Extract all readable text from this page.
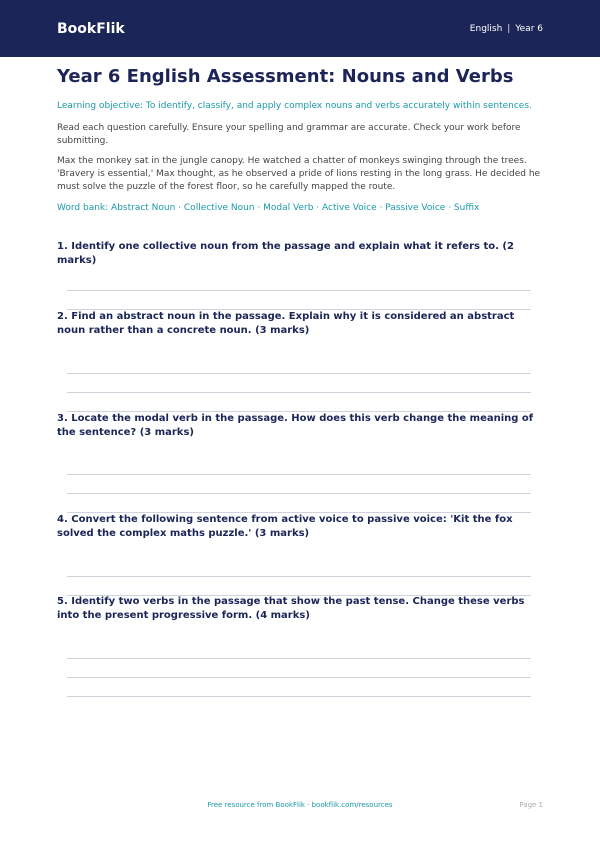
BookFlik	English | Year 6
Year 6 English Assessment: Nouns and Verbs

Learning objective: To identify, classify, and apply complex nouns and verbs accurately within sentences.

Read each question carefully. Ensure your spelling and grammar are accurate. Check your work before submitting.

Max the monkey sat in the jungle canopy. He watched a chatter of monkeys swinging through the trees. 'Bravery is essential,' Max thought, as he observed a pride of lions resting in the long grass. He decided he must solve the puzzle of the forest floor, so he carefully mapped the route.

Word bank: Abstract Noun · Collective Noun · Modal Verb · Active Voice · Passive Voice · Suffix

1. Identify one collective noun from the passage and explain what it refers to. (2 marks)

2. Find an abstract noun in the passage. Explain why it is considered an abstract noun rather than a concrete noun. (3 marks)

3. Locate the modal verb in the passage. How does this verb change the meaning of the sentence? (3 marks)

4. Convert the following sentence from active voice to passive voice: 'Kit the fox solved the complex maths puzzle.' (3 marks)

5. Identify two verbs in the passage that show the past tense. Change these verbs into the present progressive form. (4 marks)

Free resource from BookFlik · bookflik.com/resources	Page 1
